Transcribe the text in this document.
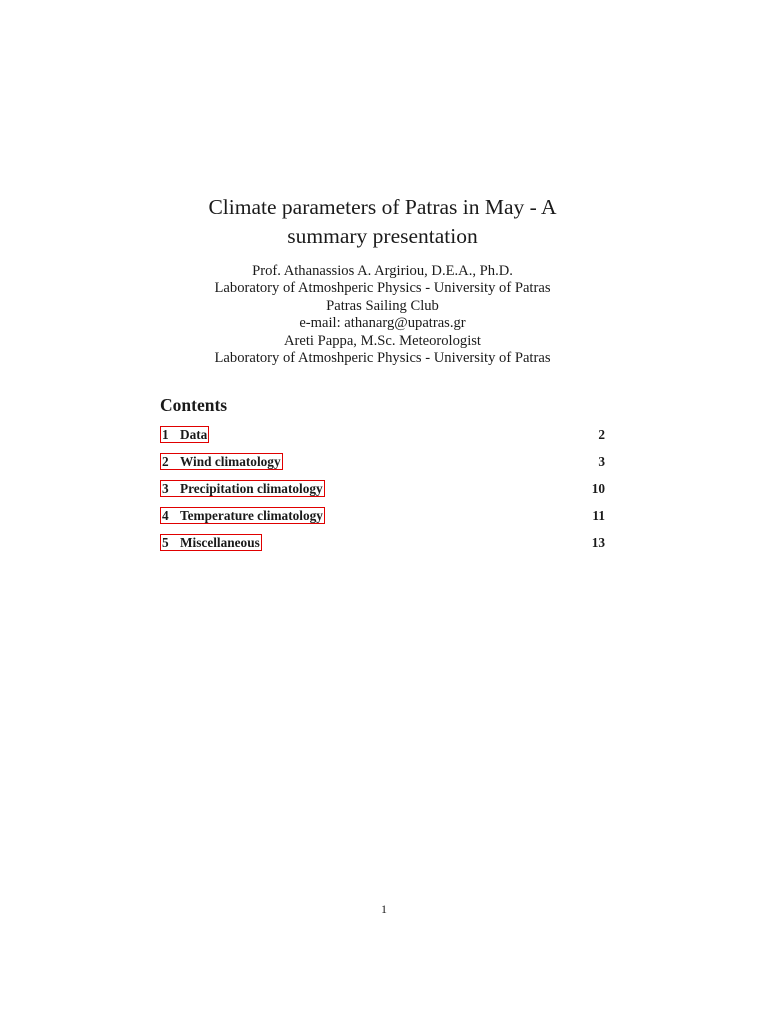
Climate parameters of Patras in May - A
summary presentation
Prof. Athanassios A. Argiriou, D.E.A., Ph.D.
Laboratory of Atmoshperic Physics - University of Patras
Patras Sailing Club
e-mail: athanarg@upatras.gr
Areti Pappa, M.Sc. Meteorologist
Laboratory of Atmoshperic Physics - University of Patras
Contents
1 Data	2
2 Wind climatology	3
3 Precipitation climatology	10
4 Temperature climatology	11
5 Miscellaneous	13
1
